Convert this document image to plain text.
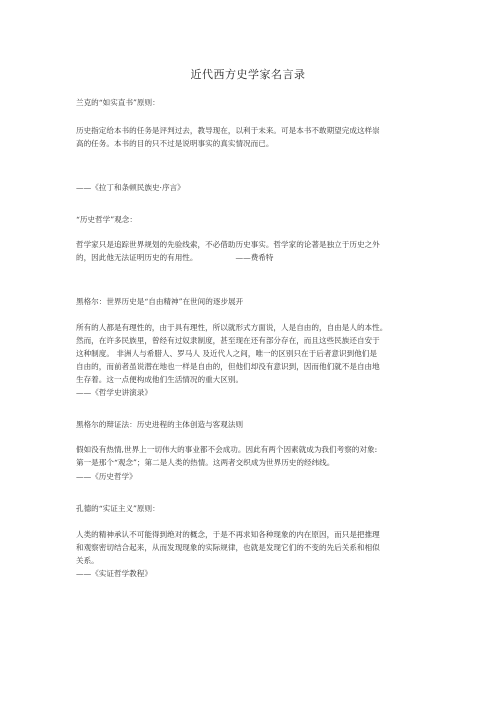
近代西方史学家名言录
兰克的“如实直书”原则：
历史指定给本书的任务是评判过去，教导现在，以利于未来。可是本书不敢期望完成这样崇
高的任务。本书的目的只不过是说明事实的真实情况而已。
——《拉丁和条顿民族史·序言》
“历史哲学”观念：
哲学家只是追踪世界规划的先验线索，不必借助历史事实。哲学家的论著是独立于历史之外
的，因此他无法证明历史的有用性。	——费希特
黑格尔：世界历史是“自由精神”在世间的逐步展开
所有的人都是有理性的，由于具有理性，所以就形式方面说，人是自由的，自由是人的本性。
然而，在许多民族里，曾经有过奴隶制度，甚至现在还有部分存在，而且这些民族还自安于
这种制度。 非洲人与希腊人、罗马人 及近代人之间，唯一的区别只在于后者意识到他们是
自由的，而前者虽说潜在地也一样是自由的，但他们却没有意识到，因而他们就不是自由地
生存着。这一点便构成他们生活情况的重大区别。
——《哲学史讲演录》
黑格尔的辩证法：历史进程的主体创造与客观法则
假如没有热情,世界上一切伟大的事业都不会成功。因此有两个因素就成为我们考察的对象:
第一是那个“观念”；第二是人类的热情。这两者交织成为世界历史的经纬线。
——《历史哲学》
孔德的“实证主义”原则：
人类的精神承认不可能得到绝对的概念，于是不再求知各种现象的内在原因，而只是把推理
和观察密切结合起来，从而发现现象的实际规律，也就是发现它们的不变的先后关系和相似
关系。
——《实证哲学教程》
